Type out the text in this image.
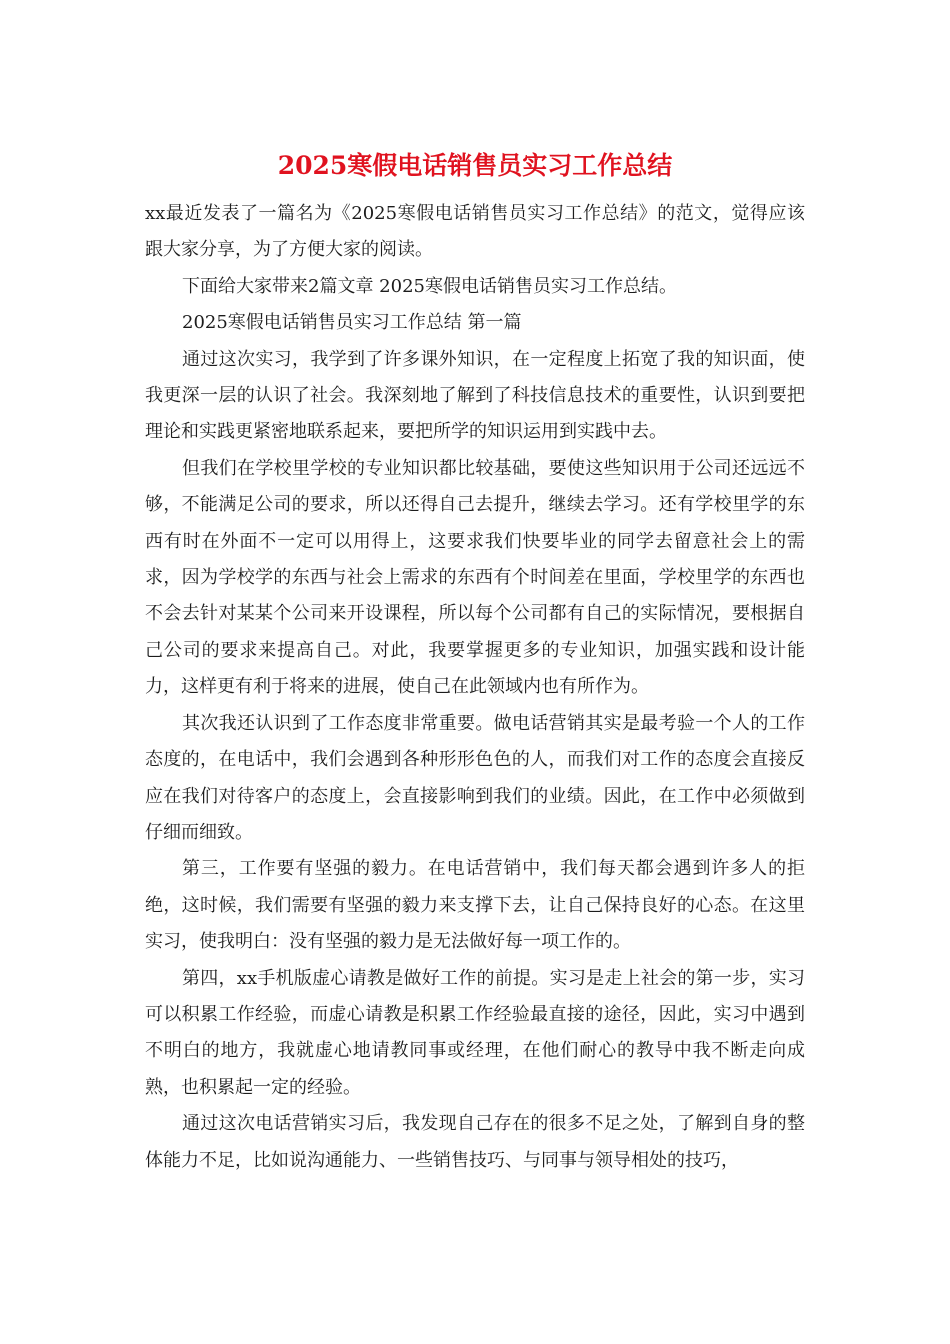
2025寒假电话销售员实习工作总结

xx最近发表了一篇名为《2025寒假电话销售员实习工作总结》的范文，觉得应该跟大家分享，为了方便大家的阅读。

下面给大家带来2篇文章 2025寒假电话销售员实习工作总结。

2025寒假电话销售员实习工作总结 第一篇

通过这次实习，我学到了许多课外知识，在一定程度上拓宽了我的知识面，使我更深一层的认识了社会。我深刻地了解到了科技信息技术的重要性，认识到要把理论和实践更紧密地联系起来，要把所学的知识运用到实践中去。

但我们在学校里学校的专业知识都比较基础，要使这些知识用于公司还远远不够，不能满足公司的要求，所以还得自己去提升，继续去学习。还有学校里学的东西有时在外面不一定可以用得上，这要求我们快要毕业的同学去留意社会上的需求，因为学校学的东西与社会上需求的东西有个时间差在里面，学校里学的东西也不会去针对某某个公司来开设课程，所以每个公司都有自己的实际情况，要根据自己公司的要求来提高自己。对此，我要掌握更多的专业知识，加强实践和设计能力，这样更有利于将来的进展，使自己在此领域内也有所作为。

其次我还认识到了工作态度非常重要。做电话营销其实是最考验一个人的工作态度的，在电话中，我们会遇到各种形形色色的人，而我们对工作的态度会直接反应在我们对待客户的态度上，会直接影响到我们的业绩。因此，在工作中必须做到仔细而细致。

第三，工作要有坚强的毅力。在电话营销中，我们每天都会遇到许多人的拒绝，这时候，我们需要有坚强的毅力来支撑下去，让自己保持良好的心态。在这里实习，使我明白：没有坚强的毅力是无法做好每一项工作的。

第四，xx手机版虚心请教是做好工作的前提。实习是走上社会的第一步，实习可以积累工作经验，而虚心请教是积累工作经验最直接的途径，因此，实习中遇到不明白的地方，我就虚心地请教同事或经理，在他们耐心的教导中我不断走向成熟，也积累起一定的经验。

通过这次电话营销实习后，我发现自己存在的很多不足之处，了解到自身的整体能力不足，比如说沟通能力、一些销售技巧、与同事与领导相处的技巧，
